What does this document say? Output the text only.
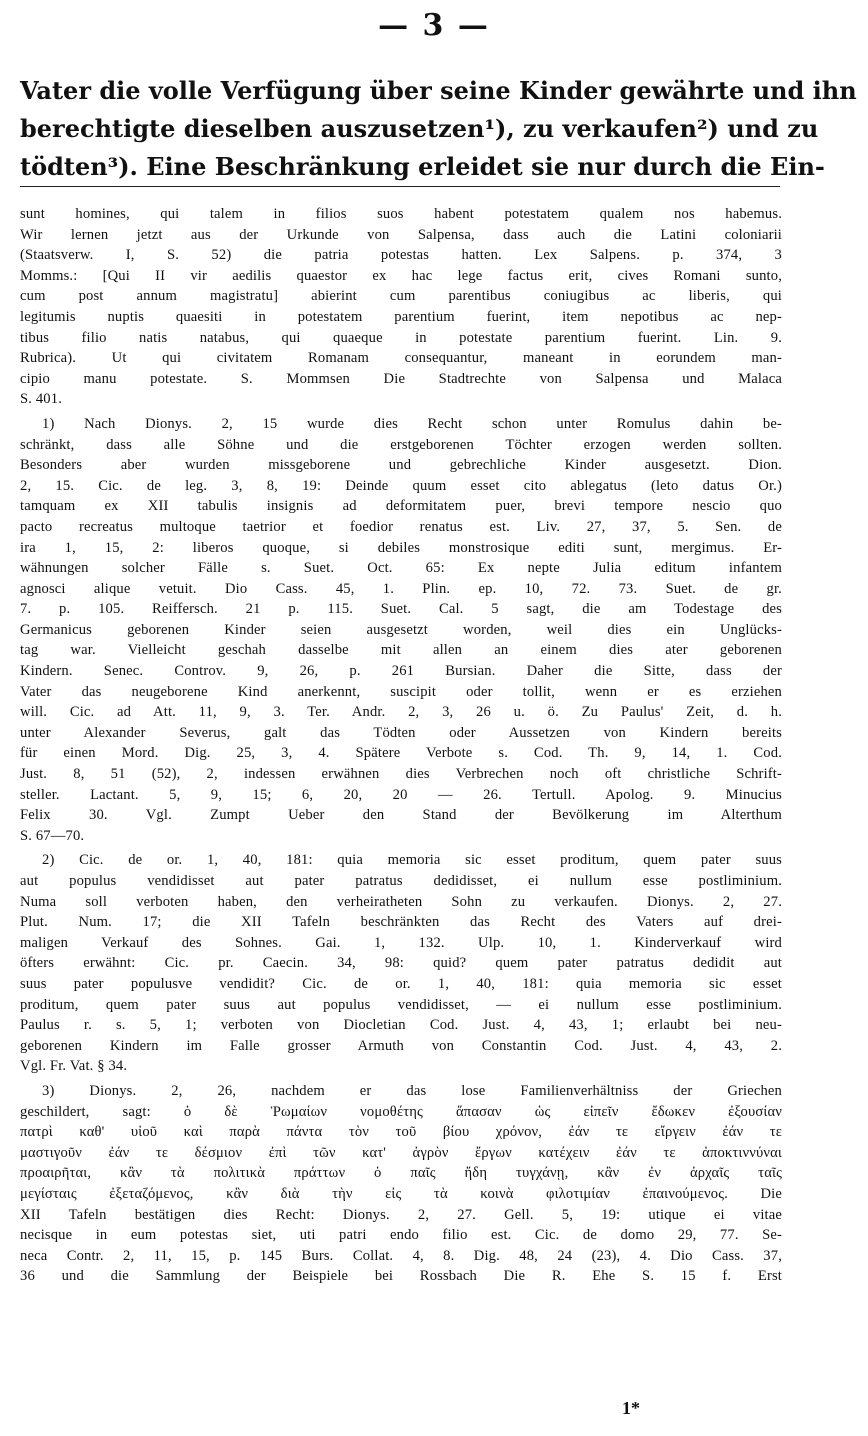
— 3 —
Vater die volle Verfügung über seine Kinder gewährte und ihn
berechtigte dieselben auszusetzen¹), zu verkaufen²) und zu
tödten³). Eine Beschränkung erleidet sie nur durch die Ein-
sunt homines, qui talem in filios suos habent potestatem qualem nos habemus.
Wir lernen jetzt aus der Urkunde von Salpensa, dass auch die Latini coloniarii
(Staatsverw. I, S. 52) die patria potestas hatten. Lex Salpens. p. 374, 3
Momms.: [Qui II vir aedilis quaestor ex hac lege factus erit, cives Romani sunto,
cum post annum magistratu] abierint cum parentibus coniugibus ac liberis, qui
legitumis nuptis quaesiti in potestatem parentium fuerint, item nepotibus ac nep-
tibus filio natis natabus, qui quaeque in potestate parentium fuerint. Lin. 9.
Rubrica). Ut qui civitatem Romanam consequantur, maneant in eorundem man-
cipio manu potestate. S. Mommsen Die Stadtrechte von Salpensa und Malaca
S. 401.
1) Nach Dionys. 2, 15 wurde dies Recht schon unter Romulus dahin be-
schränkt, dass alle Söhne und die erstgeborenen Töchter erzogen werden sollten.
Besonders aber wurden missgeborene und gebrechliche Kinder ausgesetzt. Dion.
2, 15. Cic. de leg. 3, 8, 19: Deinde quum esset cito ablegatus (leto datus Or.)
tamquam ex XII tabulis insignis ad deformitatem puer, brevi tempore nescio quo
pacto recreatus multoque taetrior et foedior renatus est. Liv. 27, 37, 5. Sen. de
ira 1, 15, 2: liberos quoque, si debiles monstrosique editi sunt, mergimus. Er-
wähnungen solcher Fälle s. Suet. Oct. 65: Ex nepte Julia editum infantem
agnosci alique vetuit. Dio Cass. 45, 1. Plin. ep. 10, 72. 73. Suet. de gr.
7. p. 105. Reiffersch. 21 p. 115. Suet. Cal. 5 sagt, die am Todestage des
Germanicus geborenen Kinder seien ausgesetzt worden, weil dies ein Unglücks-
tag war. Vielleicht geschah dasselbe mit allen an einem dies ater geborenen
Kindern. Senec. Controv. 9, 26, p. 261 Bursian. Daher die Sitte, dass der
Vater das neugeborene Kind anerkennt, suscipit oder tollit, wenn er es erziehen
will. Cic. ad Att. 11, 9, 3. Ter. Andr. 2, 3, 26 u. ö. Zu Paulus' Zeit, d. h.
unter Alexander Severus, galt das Tödten oder Aussetzen von Kindern bereits
für einen Mord. Dig. 25, 3, 4. Spätere Verbote s. Cod. Th. 9, 14, 1. Cod.
Just. 8, 51 (52), 2, indessen erwähnen dies Verbrechen noch oft christliche Schrift-
steller. Lactant. 5, 9, 15; 6, 20, 20 — 26. Tertull. Apolog. 9. Minucius
Felix 30. Vgl. Zumpt Ueber den Stand der Bevölkerung im Alterthum
S. 67—70.
2) Cic. de or. 1, 40, 181: quia memoria sic esset proditum, quem pater suus
aut populus vendidisset aut pater patratus dedidisset, ei nullum esse postliminium.
Numa soll verboten haben, den verheiratheten Sohn zu verkaufen. Dionys. 2, 27.
Plut. Num. 17; die XII Tafeln beschränkten das Recht des Vaters auf drei-
maligen Verkauf des Sohnes. Gai. 1, 132. Ulp. 10, 1. Kinderverkauf wird
öfters erwähnt: Cic. pr. Caecin. 34, 98: quid? quem pater patratus dedidit aut
suus pater populusve vendidit? Cic. de or. 1, 40, 181: quia memoria sic esset
proditum, quem pater suus aut populus vendidisset, — ei nullum esse postliminium.
Paulus r. s. 5, 1; verboten von Diocletian Cod. Just. 4, 43, 1; erlaubt bei neu-
geborenen Kindern im Falle grosser Armuth von Constantin Cod. Just. 4, 43, 2.
Vgl. Fr. Vat. § 34.
3) Dionys. 2, 26, nachdem er das lose Familienverhältniss der Griechen
geschildert, sagt: ὁ δὲ Ῥωμαίων νομοθέτης ἅπασαν ὡς εἰπεῖν ἔδωκεν ἐξουσίαν
πατρὶ καθ' υἱοῦ καὶ παρὰ πάντα τὸν τοῦ βίου χρόνον, ἐάν τε εἴργειν ἐάν τε
μαστιγοῦν ἐάν τε δέσμιον ἐπὶ τῶν κατ' ἀγρὸν ἔργων κατέχειν ἐάν τε ἀποκτιννύναι
προαιρῆται, κἂν τὰ πολιτικὰ πράττων ὁ παῖς ἤδη τυγχάνῃ, κἂν ἐν ἀρχαῖς ταῖς
μεγίσταις ἐξεταζόμενος, κἂν διὰ τὴν εἰς τὰ κοινὰ φιλοτιμίαν ἐπαινούμενος. Die
XII Tafeln bestätigen dies Recht: Dionys. 2, 27. Gell. 5, 19: utique ei vitae
necisque in eum potestas siet, uti patri endo filio est. Cic. de domo 29, 77. Se-
neca Contr. 2, 11, 15, p. 145 Burs. Collat. 4, 8. Dig. 48, 24 (23), 4. Dio Cass. 37,
36 und die Sammlung der Beispiele bei Rossbach Die R. Ehe S. 15 f. Erst
1*
